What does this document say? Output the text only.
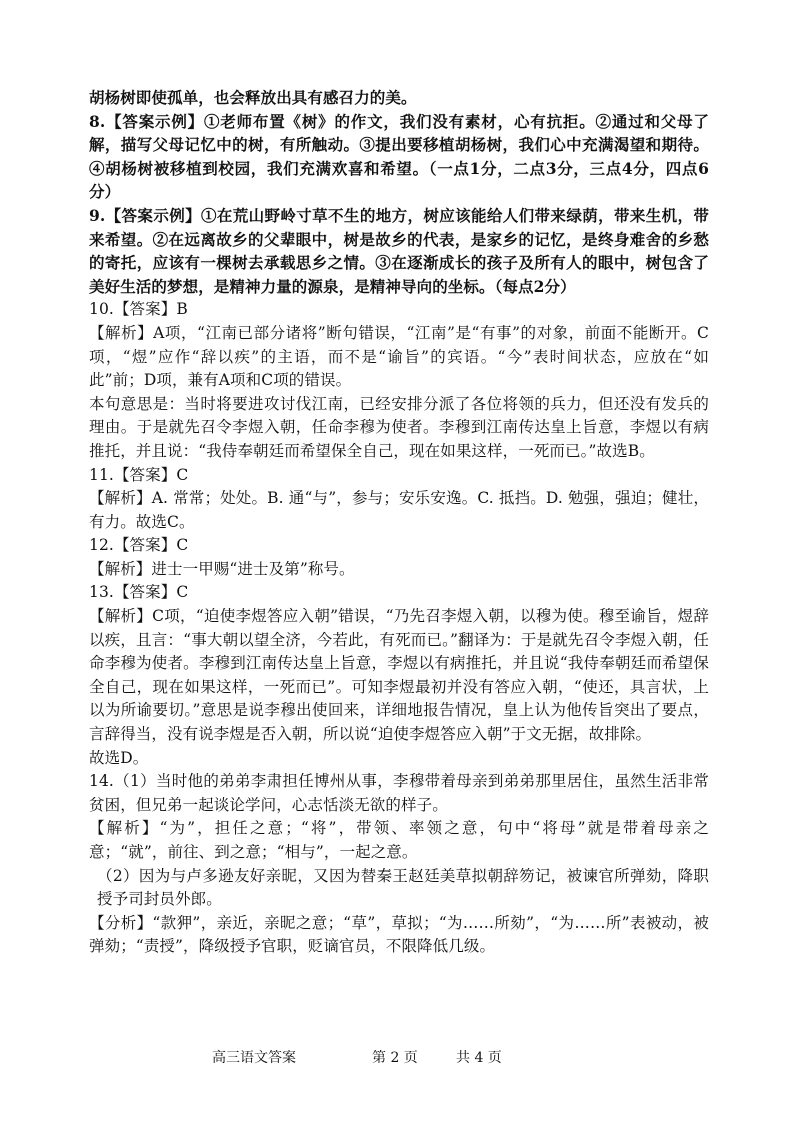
胡杨树即使孤单，也会释放出具有感召力的美。

8.【答案示例】①老师布置《树》的作文，我们没有素材，心有抗拒。②通过和父母了解，描写父母记忆中的树，有所触动。③提出要移植胡杨树，我们心中充满渴望和期待。④胡杨树被移植到校园，我们充满欢喜和希望。（一点1分，二点3分，三点4分，四点6分）

9.【答案示例】①在荒山野岭寸草不生的地方，树应该能给人们带来绿荫，带来生机，带来希望。②在远离故乡的父辈眼中，树是故乡的代表，是家乡的记忆，是终身难舍的乡愁的寄托，应该有一棵树去承载思乡之情。③在逐渐成长的孩子及所有人的眼中，树包含了美好生活的梦想，是精神力量的源泉，是精神导向的坐标。（每点2分）

10.【答案】B

【解析】A项，“江南已部分诸将”断句错误，“江南”是“有事”的对象，前面不能断开。C项，“煜”应作“辞以疾”的主语，而不是“谕旨”的宾语。“今”表时间状态，应放在“如此”前；D项，兼有A项和C项的错误。

本句意思是：当时将要进攻讨伐江南，已经安排分派了各位将领的兵力，但还没有发兵的理由。于是就先召令李煜入朝，任命李穆为使者。李穆到江南传达皇上旨意，李煜以有病推托，并且说：“我侍奉朝廷而希望保全自己，现在如果这样，一死而已。”故选B。

11.【答案】C

【解析】A. 常常；处处。B. 通“与”，参与；安乐安逸。C. 抵挡。D. 勉强，强迫；健壮，有力。故选C。

12.【答案】C

【解析】进士一甲赐“进士及第”称号。

13.【答案】C

【解析】C项，“迫使李煜答应入朝”错误，“乃先召李煜入朝，以穆为使。穆至谕旨，煜辞以疾，且言：“事大朝以望全济，今若此，有死而已。”翻译为：于是就先召令李煜入朝，任命李穆为使者。李穆到江南传达皇上旨意，李煜以有病推托，并且说“我侍奉朝廷而希望保全自己，现在如果这样，一死而已”。可知李煜最初并没有答应入朝，“使还，具言状，上以为所谕要切。”意思是说李穆出使回来，详细地报告情况，皇上认为他传旨突出了要点，言辞得当，没有说李煜是否入朝，所以说“迫使李煜答应入朝”于文无据，故排除。

故选D。

14.（1）当时他的弟弟李肃担任博州从事，李穆带着母亲到弟弟那里居住，虽然生活非常贫困，但兄弟一起谈论学问，心志恬淡无欲的样子。

【解析】“为”，担任之意；“将”，带领、率领之意，句中“将母”就是带着母亲之意；“就”，前往、到之意；“相与”，一起之意。

（2）因为与卢多逊友好亲昵，又因为替秦王赵廷美草拟朝辞笏记，被谏官所弹劾，降职授予司封员外郎。

【分析】“款狎”，亲近，亲昵之意；“草”，草拟；“为……所劾”，“为……所”表被动，被弹劾；“责授”，降级授予官职，贬谪官员，不限降低几级。

高三语文答案	第 2 页	共 4 页
